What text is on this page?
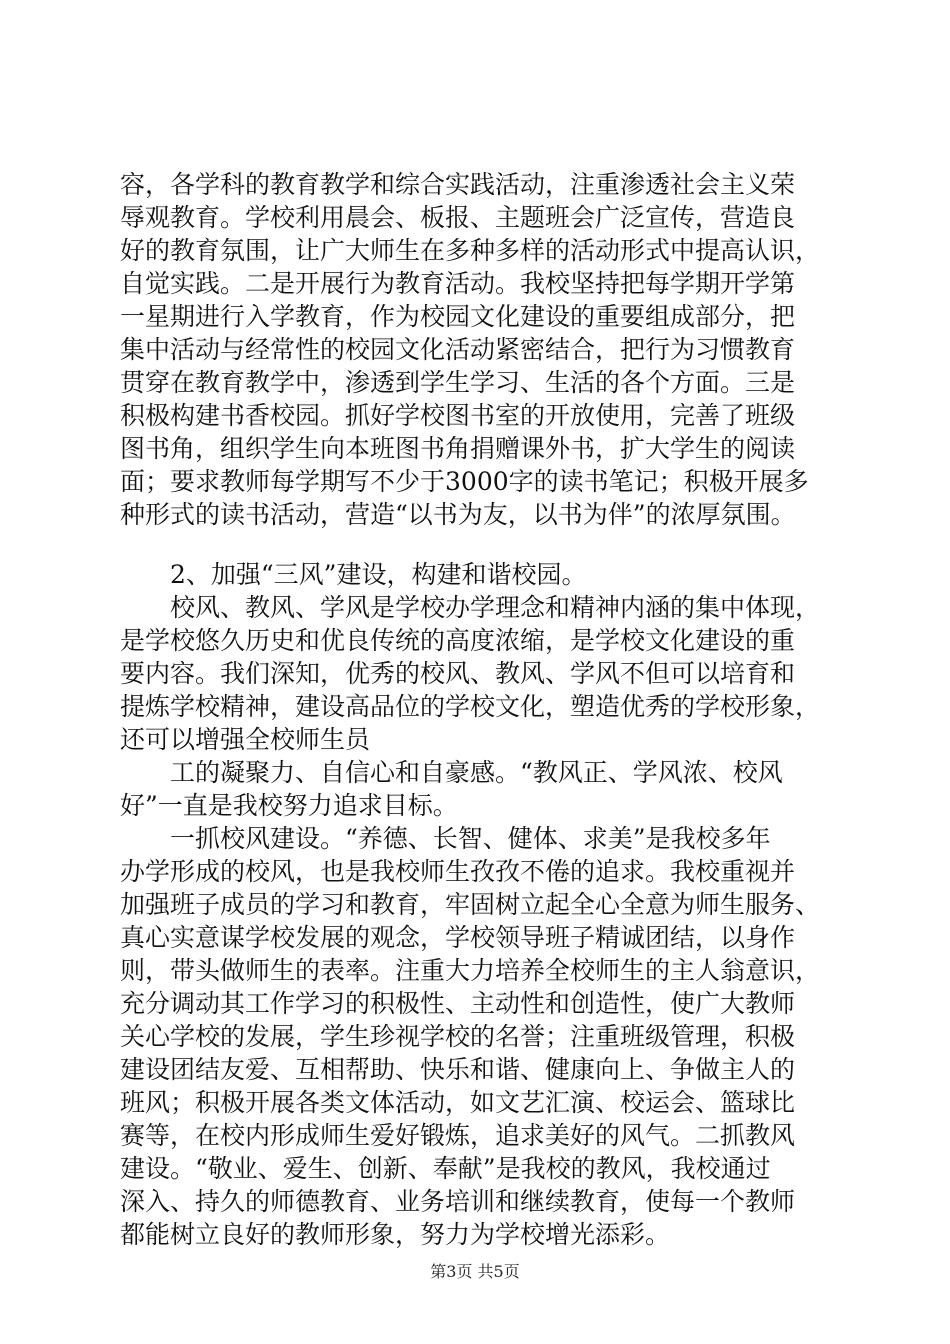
容，各学科的教育教学和综合实践活动，注重渗透社会主义荣
辱观教育。学校利用晨会、板报、主题班会广泛宣传，营造良
好的教育氛围，让广大师生在多种多样的活动形式中提高认识，
自觉实践。二是开展行为教育活动。我校坚持把每学期开学第
一星期进行入学教育，作为校园文化建设的重要组成部分，把
集中活动与经常性的校园文化活动紧密结合，把行为习惯教育
贯穿在教育教学中，渗透到学生学习、生活的各个方面。三是
积极构建书香校园。抓好学校图书室的开放使用，完善了班级
图书角，组织学生向本班图书角捐赠课外书，扩大学生的阅读
面；要求教师每学期写不少于3000字的读书笔记；积极开展多
种形式的读书活动，营造“以书为友，以书为伴”的浓厚氛围。
　　2、加强“三风”建设，构建和谐校园。
　　校风、教风、学风是学校办学理念和精神内涵的集中体现，
是学校悠久历史和优良传统的高度浓缩，是学校文化建设的重
要内容。我们深知，优秀的校风、教风、学风不但可以培育和
提炼学校精神，建设高品位的学校文化，塑造优秀的学校形象，
还可以增强全校师生员
　　工的凝聚力、自信心和自豪感。“教风正、学风浓、校风
好”一直是我校努力追求目标。
　　一抓校风建设。“养德、长智、健体、求美”是我校多年
办学形成的校风，也是我校师生孜孜不倦的追求。我校重视并
加强班子成员的学习和教育，牢固树立起全心全意为师生服务、
真心实意谋学校发展的观念，学校领导班子精诚团结，以身作
则，带头做师生的表率。注重大力培养全校师生的主人翁意识，
充分调动其工作学习的积极性、主动性和创造性，使广大教师
关心学校的发展，学生珍视学校的名誉；注重班级管理，积极
建设团结友爱、互相帮助、快乐和谐、健康向上、争做主人的
班风；积极开展各类文体活动，如文艺汇演、校运会、篮球比
赛等，在校内形成师生爱好锻炼，追求美好的风气。二抓教风
建设。“敬业、爱生、创新、奉献”是我校的教风，我校通过
深入、持久的师德教育、业务培训和继续教育，使每一个教师
都能树立良好的教师形象，努力为学校增光添彩。
第3页 共5页
